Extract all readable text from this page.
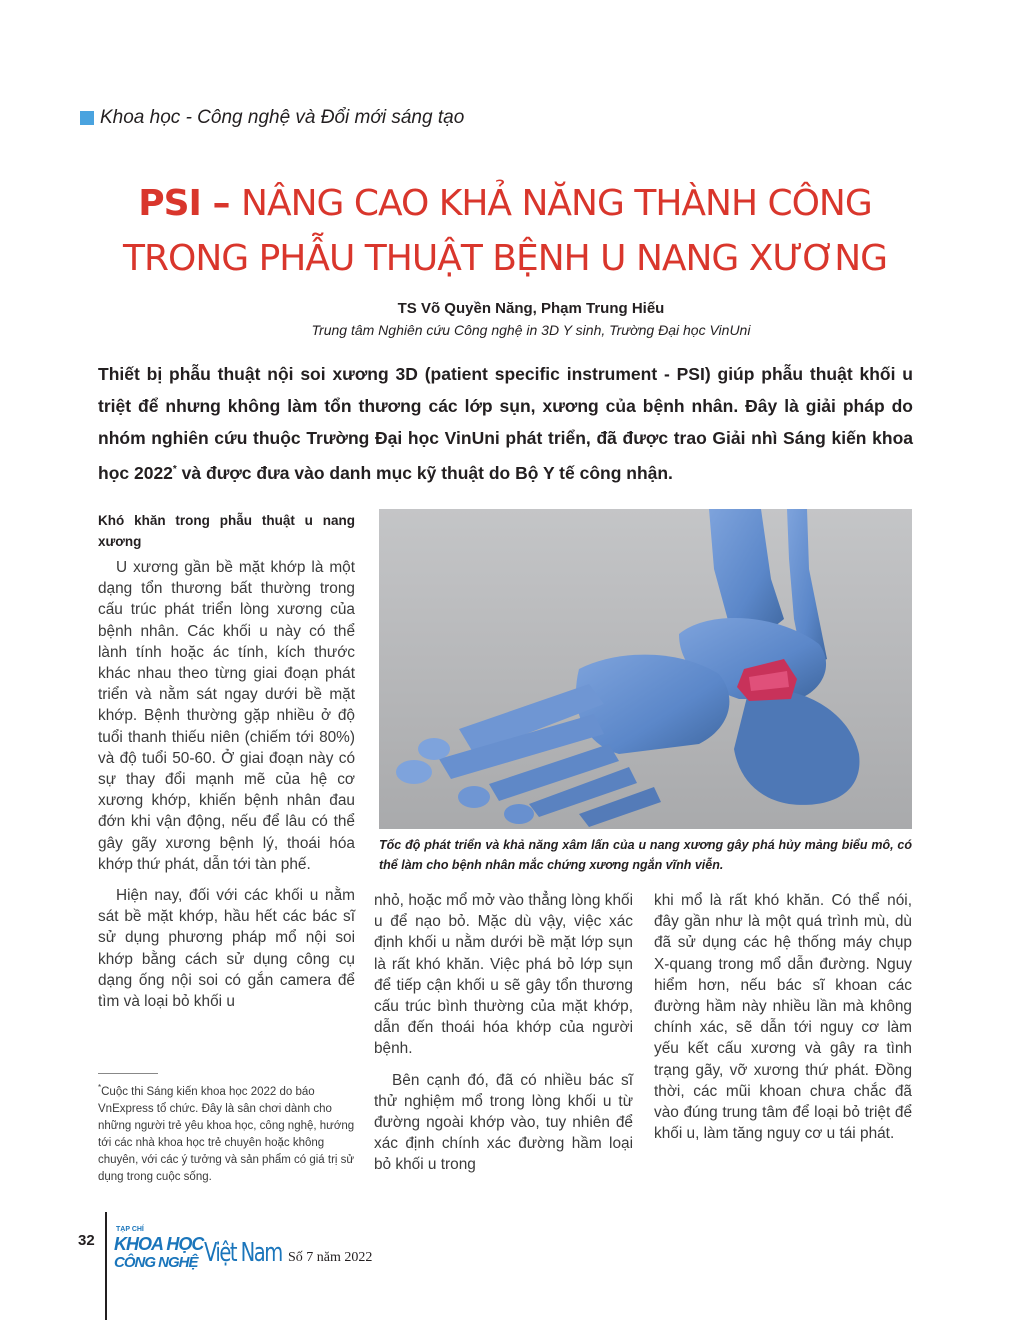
Khoa học - Công nghệ và Đổi mới sáng tạo
PSI – NÂNG CAO KHẢ NĂNG THÀNH CÔNG
TRONG PHẪU THUẬT BỆNH U NANG XƯƠNG
TS Võ Quyền Năng, Phạm Trung Hiếu
Trung tâm Nghiên cứu Công nghệ in 3D Y sinh, Trường Đại học VinUni
Thiết bị phẫu thuật nội soi xương 3D (patient specific instrument - PSI) giúp phẫu thuật khối u triệt để nhưng không làm tổn thương các lớp sụn, xương của bệnh nhân. Đây là giải pháp do nhóm nghiên cứu thuộc Trường Đại học VinUni phát triển, đã được trao Giải nhì Sáng kiến khoa học 2022* và được đưa vào danh mục kỹ thuật do Bộ Y tế công nhận.
Khó khăn trong phẫu thuật u nang xương

U xương gần bề mặt khớp là một dạng tổn thương bất thường trong cấu trúc phát triển lòng xương của bệnh nhân. Các khối u này có thể lành tính hoặc ác tính, kích thước khác nhau theo từng giai đoạn phát triển và nằm sát ngay dưới bề mặt khớp. Bệnh thường gặp nhiều ở độ tuổi thanh thiếu niên (chiếm tới 80%) và độ tuổi 50-60. Ở giai đoạn này có sự thay đổi mạnh mẽ của hệ cơ xương khớp, khiến bệnh nhân đau đớn khi vận động, nếu để lâu có thể gây gãy xương bệnh lý, thoái hóa khớp thứ phát, dẫn tới tàn phế.

Hiện nay, đối với các khối u nằm sát bề mặt khớp, hầu hết các bác sĩ sử dụng phương pháp mổ nội soi khớp bằng cách sử dụng công cụ dạng ống nội soi có gắn camera để tìm và loại bỏ khối u

Tốc độ phát triển và khả năng xâm lấn của u nang xương gây phá hủy mảng biểu mô, có thể làm cho bệnh nhân mắc chứng xương ngắn vĩnh viễn.

nhỏ, hoặc mổ mở vào thẳng lòng khối u để nạo bỏ. Mặc dù vậy, việc xác định khối u nằm dưới bề mặt lớp sụn là rất khó khăn. Việc phá bỏ lớp sụn để tiếp cận khối u sẽ gây tổn thương cấu trúc bình thường của mặt khớp, dẫn đến thoái hóa khớp của người bệnh.

Bên cạnh đó, đã có nhiều bác sĩ thử nghiệm mổ trong lòng khối u từ đường ngoài khớp vào, tuy nhiên để xác định chính xác đường hầm loại bỏ khối u trong

khi mổ là rất khó khăn. Có thể nói, đây gần như là một quá trình mù, dù đã sử dụng các hệ thống máy chụp X-quang trong mổ dẫn đường. Nguy hiểm hơn, nếu bác sĩ khoan các đường hầm này nhiều lần mà không chính xác, sẽ dẫn tới nguy cơ làm yếu kết cấu xương và gây ra tình trạng gãy, vỡ xương thứ phát. Đồng thời, các mũi khoan chưa chắc đã vào đúng trung tâm để loại bỏ triệt để khối u, làm tăng nguy cơ u tái phát.

*Cuộc thi Sáng kiến khoa học 2022 do báo VnExpress tổ chức. Đây là sân chơi dành cho những người trẻ yêu khoa học, công nghệ, hướng tới các nhà khoa học trẻ chuyên hoặc không chuyên, với các ý tưởng và sản phẩm có giá trị sử dụng trong cuộc sống.
32
TẠP CHÍ
KHOA HỌC
CÔNG NGHỆ Việt Nam Số 7 năm 2022
